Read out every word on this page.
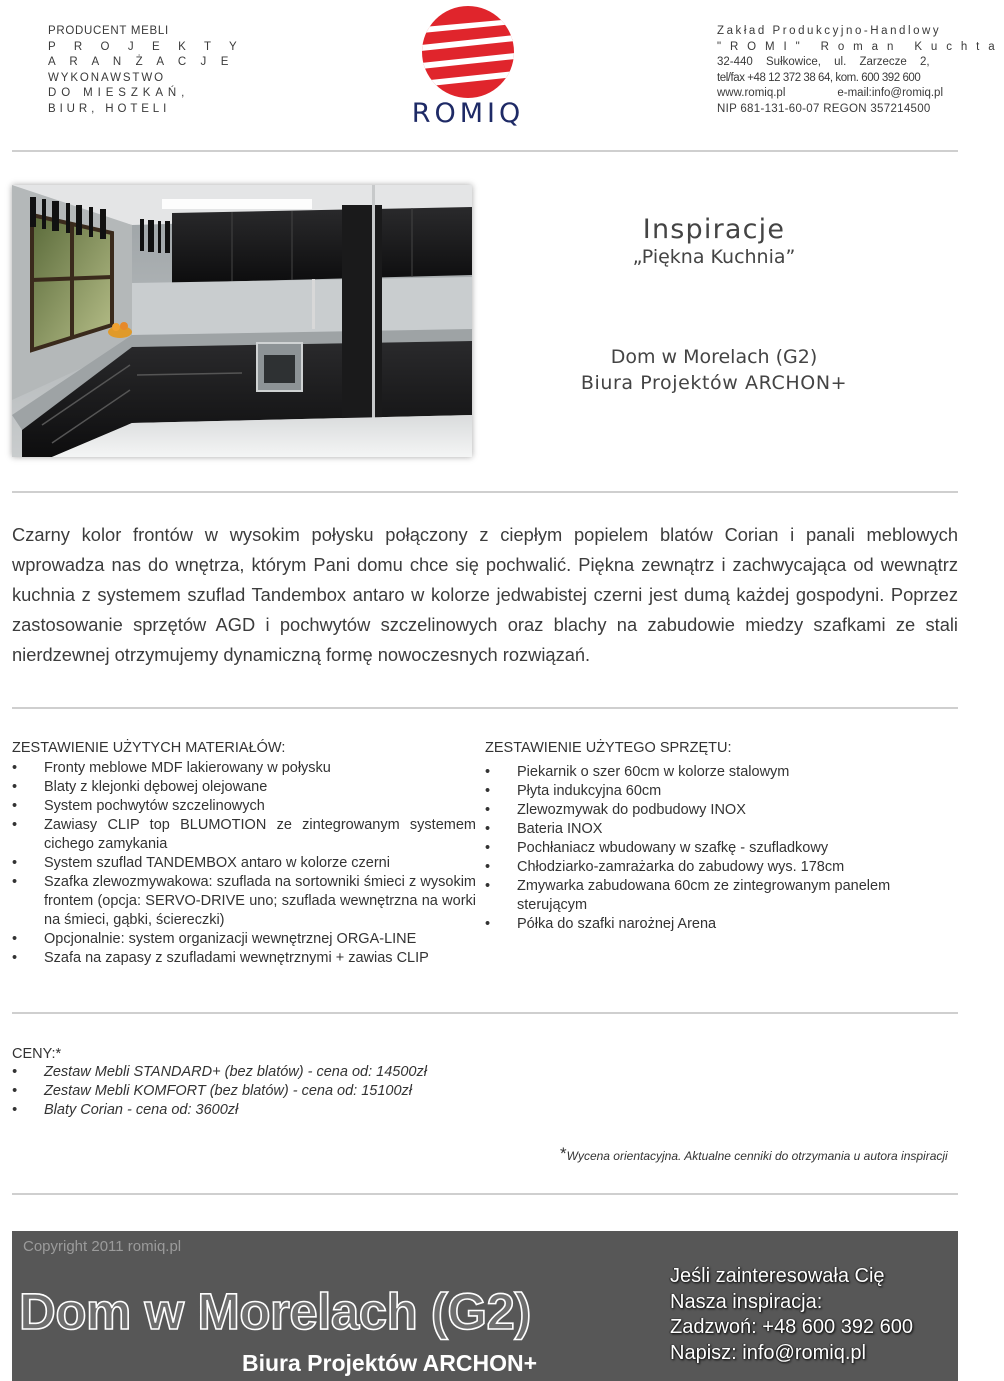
PRODUCENT MEBLI
P R O J E K T Y
A R A N Ż A C J E
WYKONAWSTWO
DO MIESZKAŃ,
BIUR, HOTELI	ROMIQ
Zakład Produkcyjno-Handlowy
"ROMI" Roman Kuchta
32-440 Sułkowice, ul. Zarzecze 2,
tel/fax +48 12 372 38 64, kom. 600 392 600
www.romiq.pl	e-mail:info@romiq.pl
NIP 681-131-60-07 REGON 357214500
Inspiracje
„Piękna Kuchnia”
Dom w Morelach (G2)
Biura Projektów ARCHON+

Czarny kolor frontów w wysokim połysku połączony z ciepłym popielem blatów Corian i panali meblowych wprowadza nas do wnętrza, którym Pani domu chce się pochwalić. Piękna zewnątrz i zachwycająca od wewnątrz kuchnia z systemem szuflad Tandembox antaro w kolorze jedwabistej czerni jest dumą każdej gospodyni. Poprzez zastosowanie sprzętów AGD i pochwytów szczelinowych oraz blachy na zabudowie miedzy szafkami ze stali nierdzewnej otrzymujemy dynamiczną formę nowoczesnych rozwiązań.

ZESTAWIENIE UŻYTYCH MATERIAŁÓW:
• Fronty meblowe MDF lakierowany w połysku
• Blaty z klejonki dębowej olejowane
• System pochwytów szczelinowych
• Zawiasy CLIP top BLUMOTION ze zintegrowanym systemem cichego zamykania
• System szuflad TANDEMBOX antaro w kolorze czerni
• Szafka zlewozmywakowa: szuflada na sortowniki śmieci z wysokim frontem (opcja: SERVO-DRIVE uno; szuflada wewnętrzna na worki na śmieci, gąbki, ściereczki)
• Opcjonalnie: system organizacji wewnętrznej ORGA-LINE
• Szafa na zapasy z szufladami wewnętrznymi + zawias CLIP
ZESTAWIENIE UŻYTEGO SPRZĘTU:
• Piekarnik o szer 60cm w kolorze stalowym
• Płyta indukcyjna 60cm
• Zlewozmywak do podbudowy INOX
• Bateria INOX
• Pochłaniacz wbudowany w szafkę - szufladkowy
• Chłodziarko-zamrażarka do zabudowy wys. 178cm
• Zmywarka zabudowana 60cm ze zintegrowanym panelem sterującym
• Półka do szafki narożnej Arena
CENY:*
• Zestaw Mebli STANDARD+ (bez blatów) - cena od: 14500zł
• Zestaw Mebli KOMFORT (bez blatów) - cena od: 15100zł
• Blaty Corian - cena od: 3600zł
*Wycena orientacyjna. Aktualne cenniki do otrzymania u autora inspiracji
Copyright 2011 romiq.pl
Dom w Morelach (G2)
Biura Projektów ARCHON+
Jeśli zainteresowała Cię
Nasza inspiracja:
Zadzwoń: +48 600 392 600
Napisz: info@romiq.pl
